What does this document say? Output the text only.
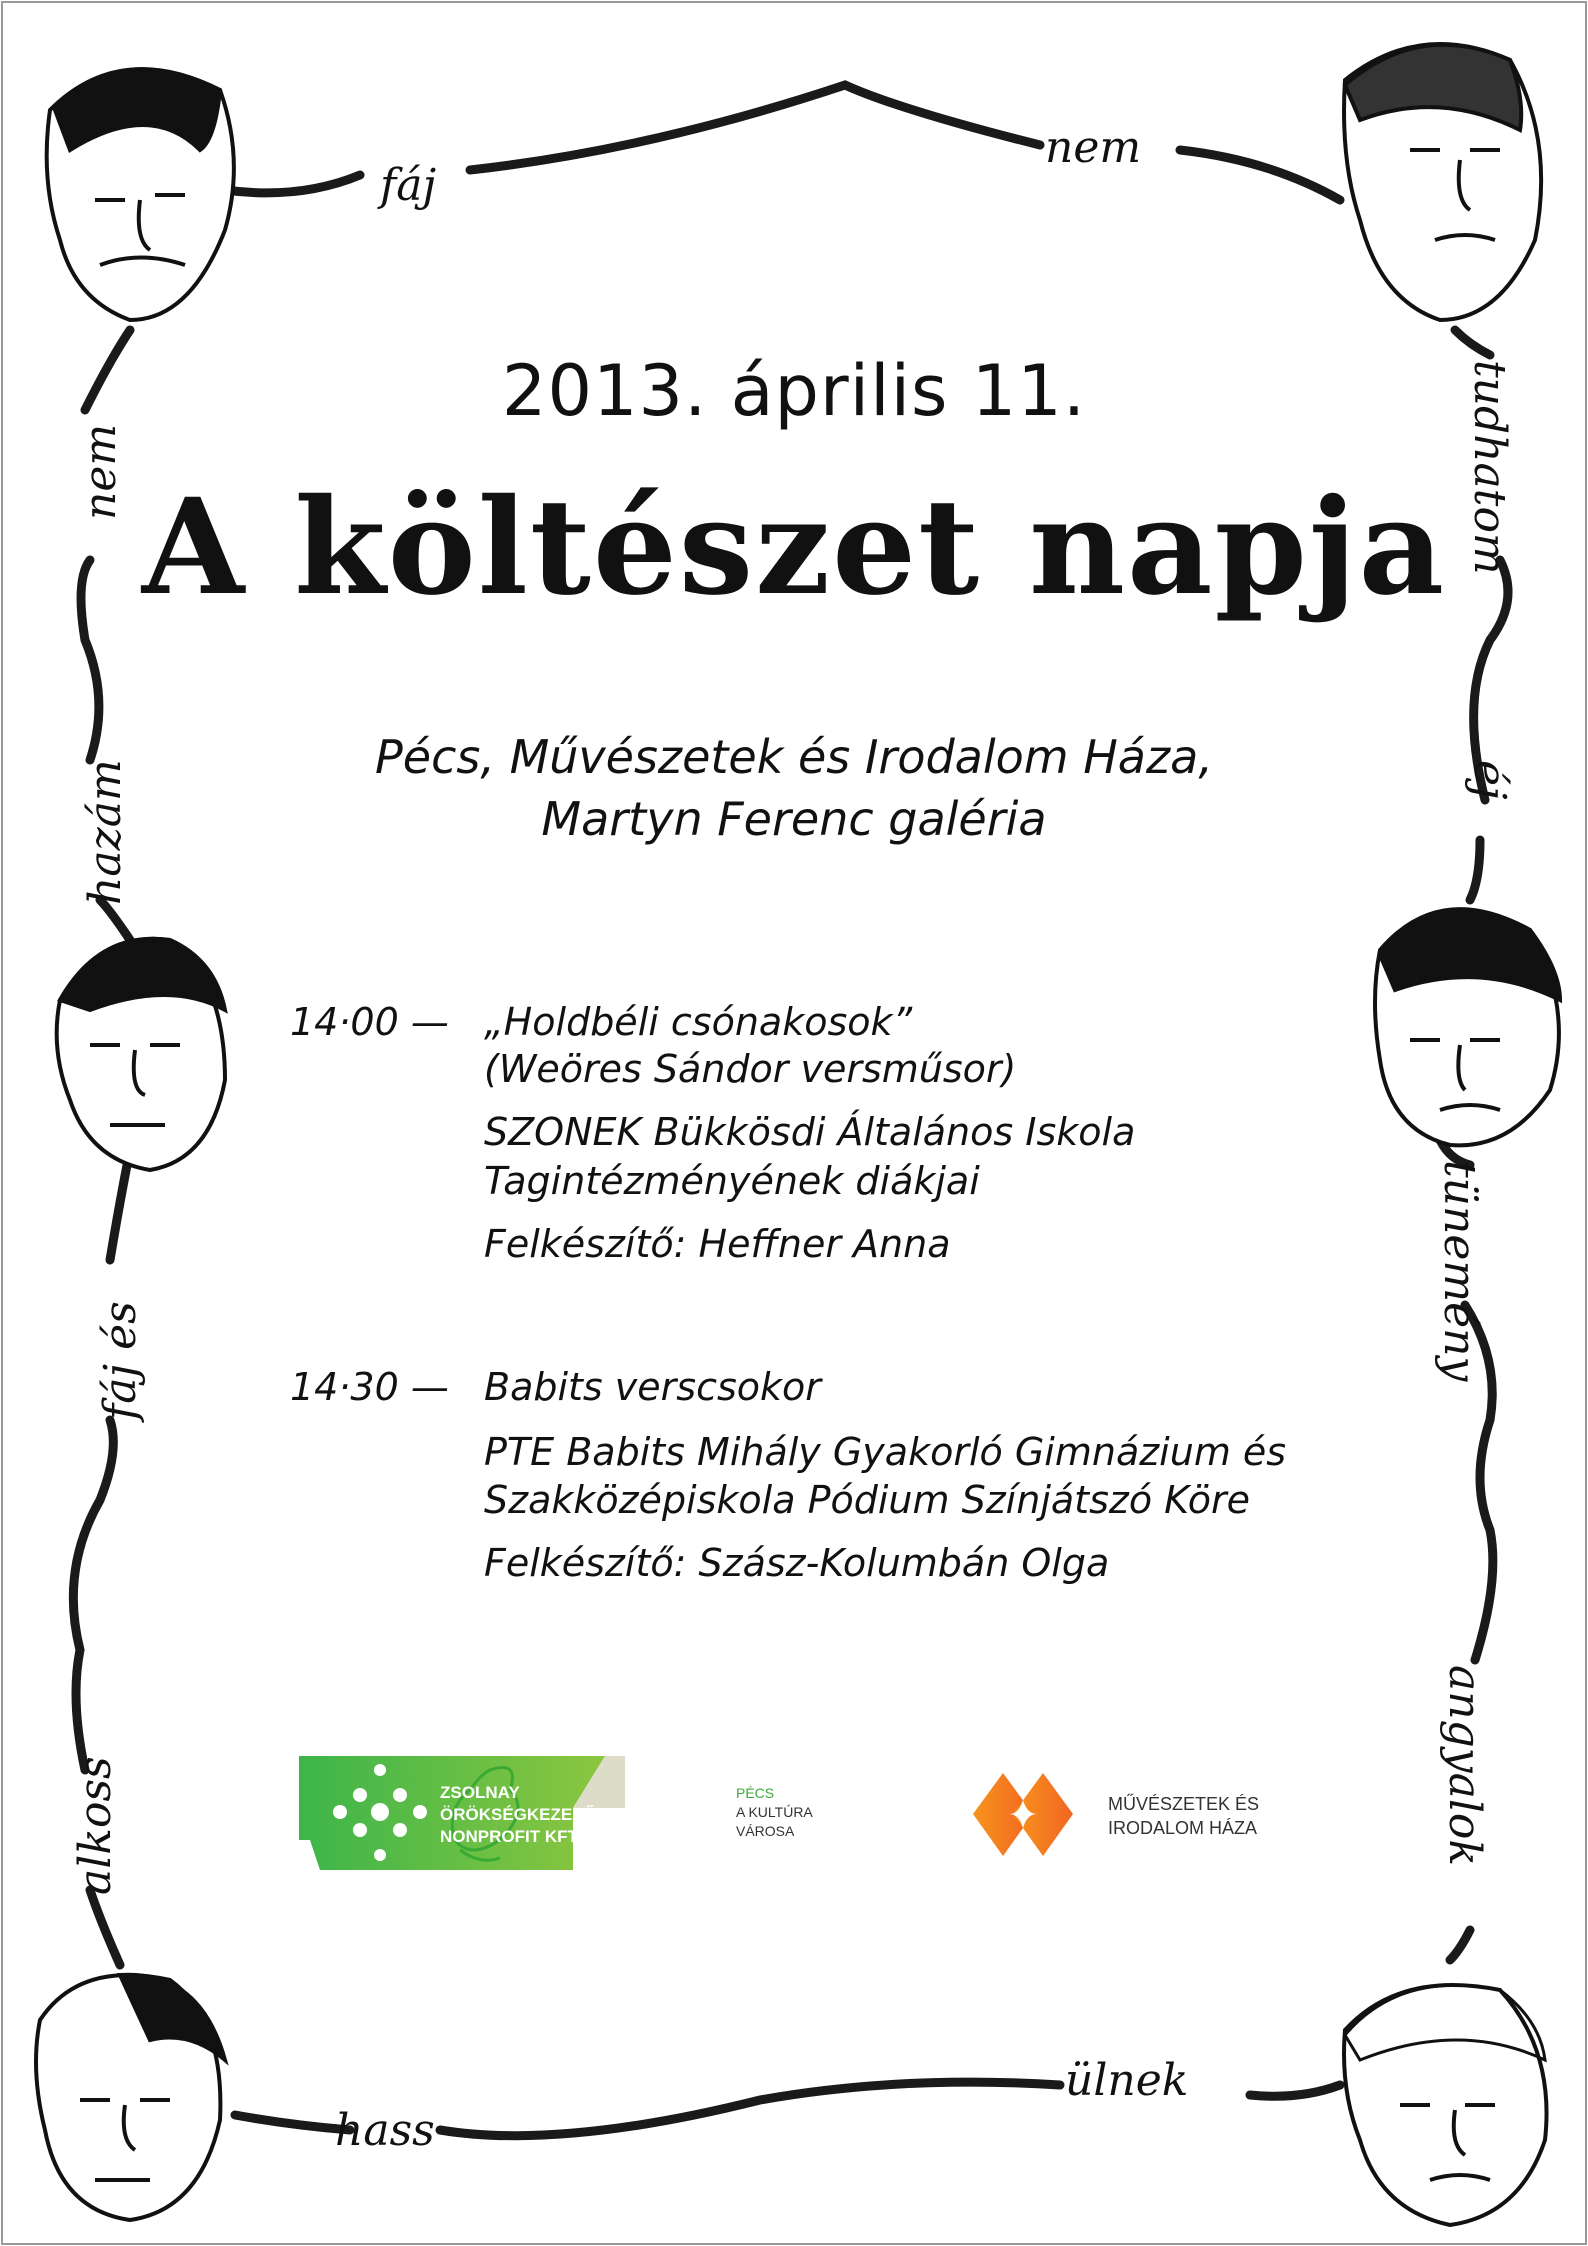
fáj
nem
tudhatom
éj
tünemény
angyalok
ülnek
hass
alkoss
fáj és
hazám
nem
2013. április 11.
A költészet napja
Pécs, Művészetek és Irodalom Háza,
Martyn Ferenc galéria
14·00 — „Holdbéli csónakosok”
(Weöres Sándor versműsor)
SZONEK Bükkösdi Általános Iskola
Tagintézményének diákjai
Felkészítő: Heffner Anna
14·30 — Babits verscsokor
PTE Babits Mihály Gyakorló Gimnázium és
Szakközépiskola Pódium Színjátszó Köre
Felkészítő: Szász-Kolumbán Olga
ZSOLNAY
ÖRÖKSÉGKEZELŐ
NONPROFIT KFT.
PÉCS
A KULTÚRA
VÁROSA
MŰVÉSZETEK ÉS
IRODALOM HÁZA
